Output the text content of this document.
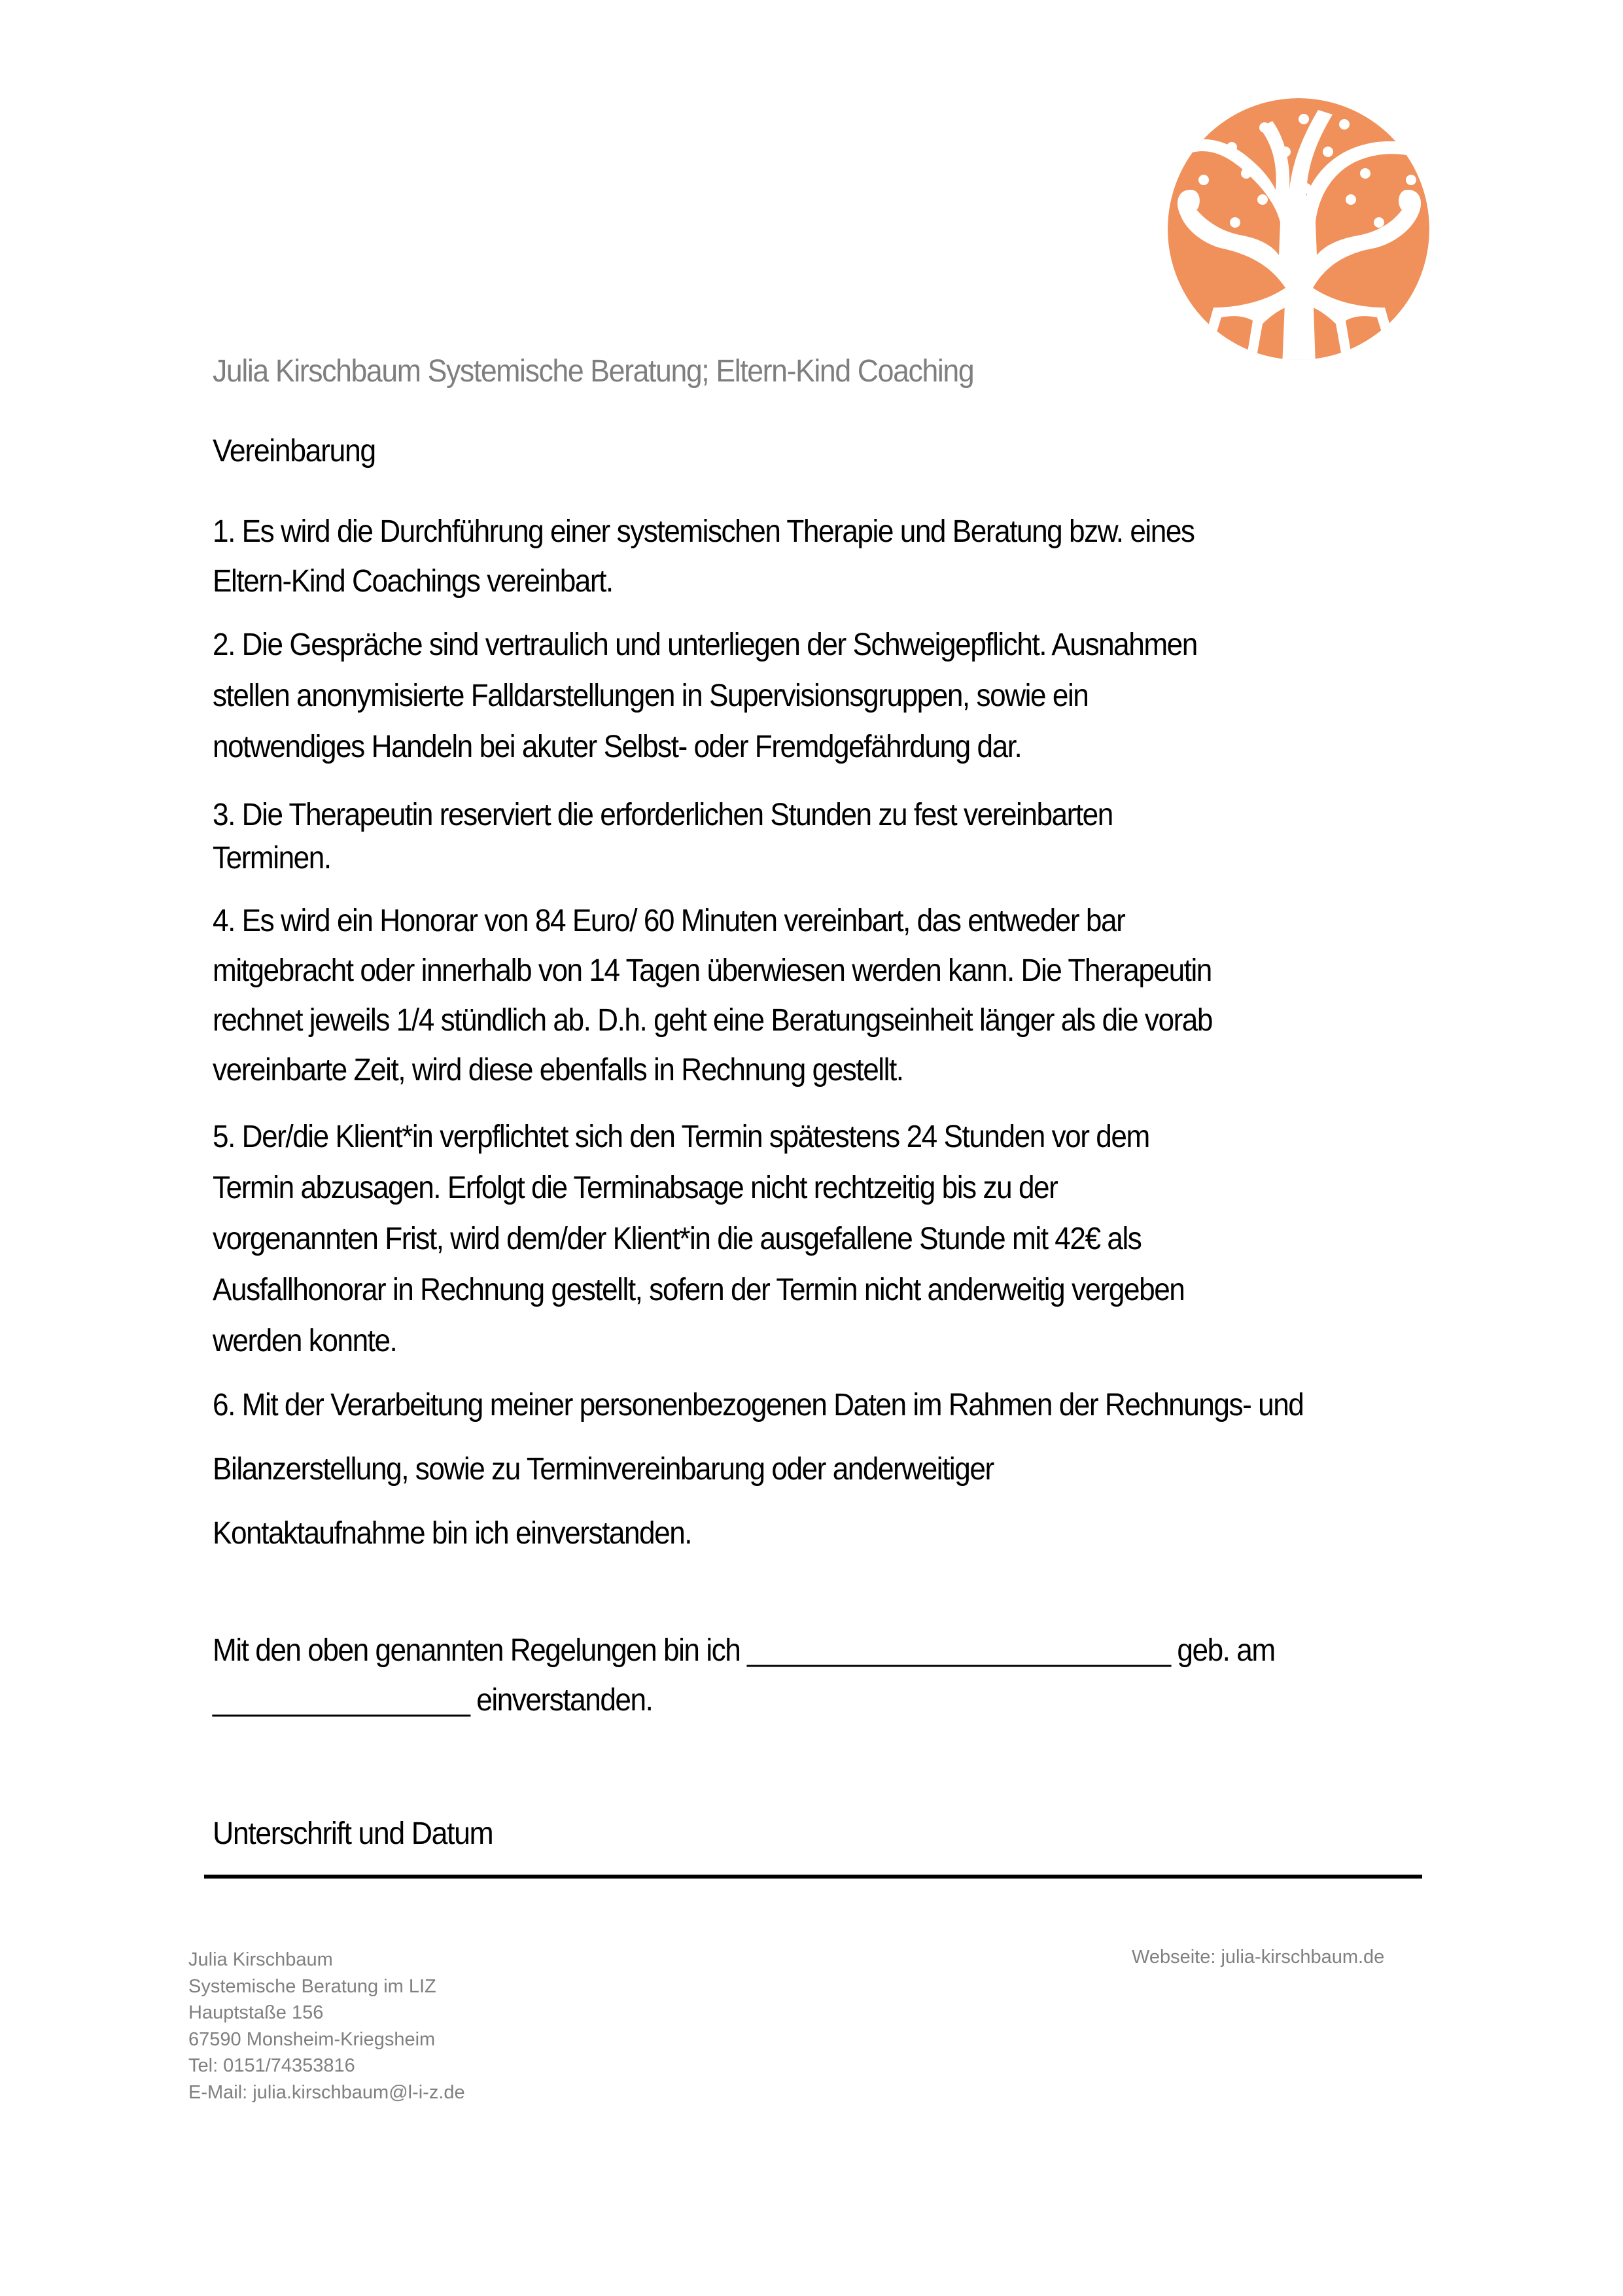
Julia Kirschbaum Systemische Beratung; Eltern-Kind Coaching
Vereinbarung
1. Es wird die Durchführung einer systemischen Therapie und Beratung bzw. eines
Eltern-Kind Coachings vereinbart.
2. Die Gespräche sind vertraulich und unterliegen der Schweigepflicht. Ausnahmen
stellen anonymisierte Falldarstellungen in Supervisionsgruppen, sowie ein
notwendiges Handeln bei akuter Selbst- oder Fremdgefährdung dar.
3. Die Therapeutin reserviert die erforderlichen Stunden zu fest vereinbarten
Terminen.
4. Es wird ein Honorar von 84 Euro/ 60 Minuten vereinbart, das entweder bar
mitgebracht oder innerhalb von 14 Tagen überwiesen werden kann. Die Therapeutin
rechnet jeweils 1/4 stündlich ab. D.h. geht eine Beratungseinheit länger als die vorab
vereinbarte Zeit, wird diese ebenfalls in Rechnung gestellt.
5. Der/die Klient*in verpflichtet sich den Termin spätestens 24 Stunden vor dem
Termin abzusagen. Erfolgt die Terminabsage nicht rechtzeitig bis zu der
vorgenannten Frist, wird dem/der Klient*in die ausgefallene Stunde mit 42€ als
Ausfallhonorar in Rechnung gestellt, sofern der Termin nicht anderweitig vergeben
werden konnte.
6. Mit der Verarbeitung meiner personenbezogenen Daten im Rahmen der Rechnungs- und
Bilanzerstellung, sowie zu Terminvereinbarung oder anderweitiger
Kontaktaufnahme bin ich einverstanden.
Mit den oben genannten Regelungen bin ich ____________________________ geb. am
_________________ einverstanden.
Unterschrift und Datum
Julia Kirschbaum
Systemische Beratung im LIZ
Hauptstaße 156
67590 Monsheim-Kriegsheim
Tel: 0151/74353816
E-Mail: julia.kirschbaum@l-i-z.de
Webseite: julia-kirschbaum.de
